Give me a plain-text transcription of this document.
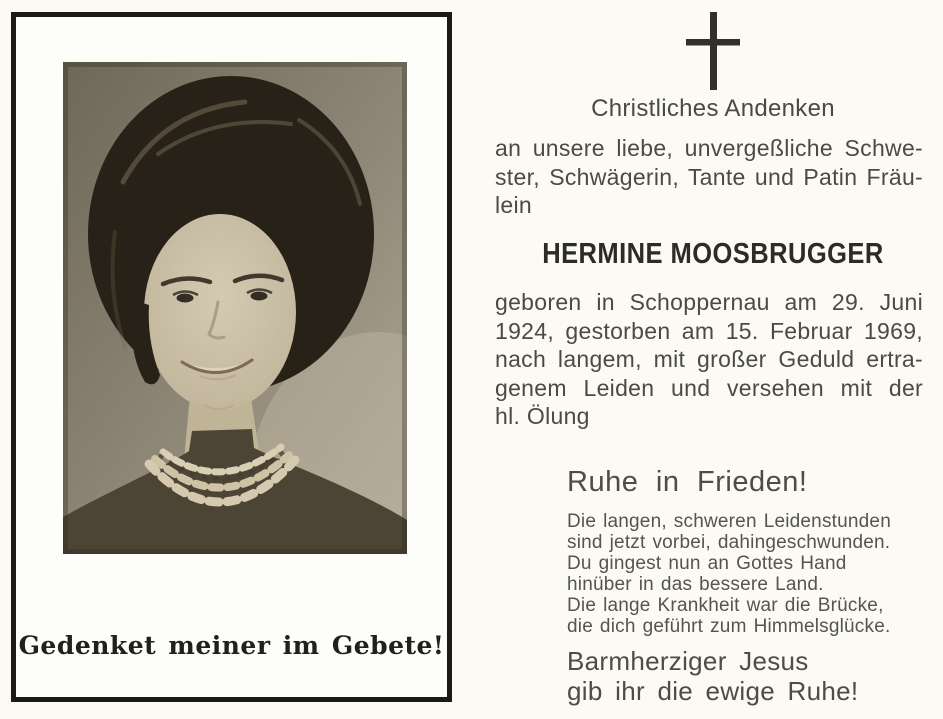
Gedenket meiner im Gebete!
Christliches Andenken
an unsere liebe, unvergeßliche Schwe-
ster, Schwägerin, Tante und Patin Fräu-
lein
HERMINE MOOSBRUGGER
geboren in Schoppernau am 29. Juni
1924, gestorben am 15. Februar 1969,
nach langem, mit großer Geduld ertra-
genem Leiden und versehen mit der
hl. Ölung
Ruhe in Frieden!
Die langen, schweren Leidenstunden
sind jetzt vorbei, dahingeschwunden.
Du gingest nun an Gottes Hand
hinüber in das bessere Land.
Die lange Krankheit war die Brücke,
die dich geführt zum Himmelsglücke.
Barmherziger Jesus
gib ihr die ewige Ruhe!
